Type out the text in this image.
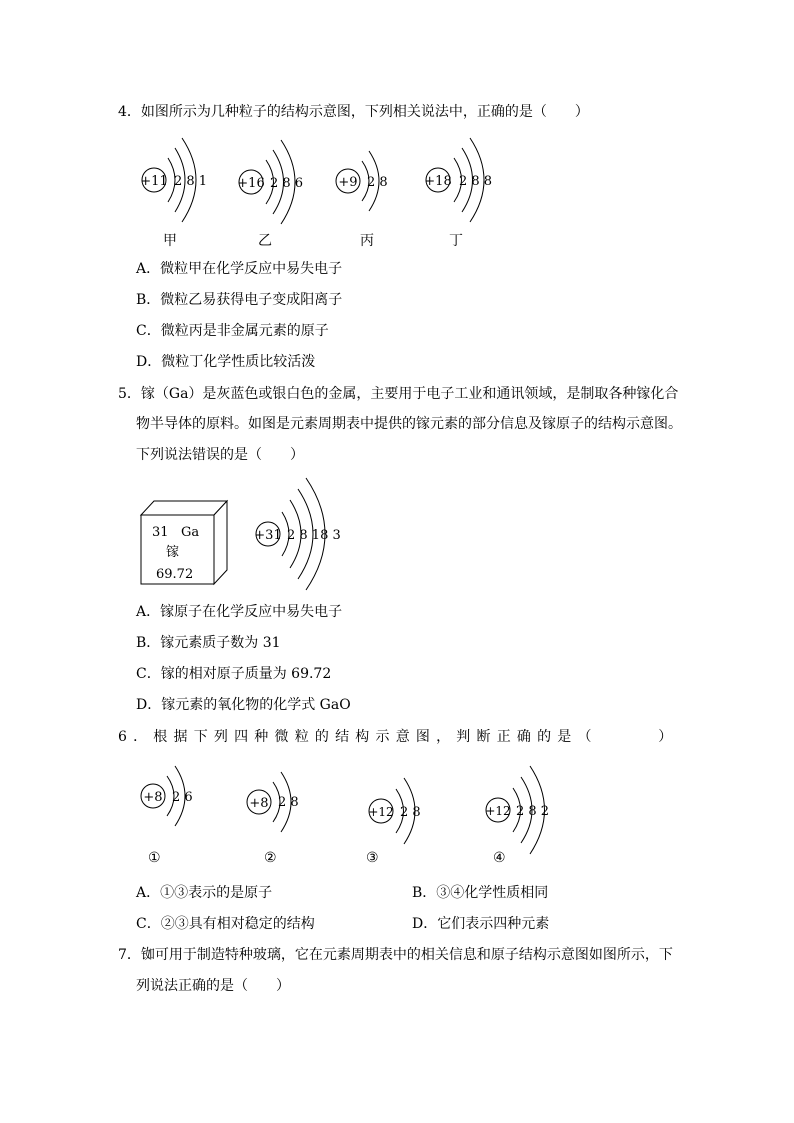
4．如图所示为几种粒子的结构示意图，下列相关说法中，正确的是（　　）
+11 2 8 1 +16 2 8 6	+9 2 8	+18 2 8 8
甲	乙	丙	丁
A．微粒甲在化学反应中易失电子
B．微粒乙易获得电子变成阳离子
C．微粒丙是非金属元素的原子
D．微粒丁化学性质比较活泼
5．镓（Ga）是灰蓝色或银白色的金属，主要用于电子工业和通讯领域，是制取各种镓化合
物半导体的原料。如图是元素周期表中提供的镓元素的部分信息及镓原子的结构示意图。
下列说法错误的是（　　）
31 Ga
镓
69.72
+31 2 8 18 3
A．镓原子在化学反应中易失电子
B．镓元素质子数为 31
C．镓的相对原子质量为 69.72
D．镓元素的氧化物的化学式 GaO
6．根据下列四种微粒的结构示意图，判断正确的是（　　　）
+8 2 6	+8 2 8
+12 2 8	+12 2 8 2
①	②	③	④
A．①③表示的是原子	B．③④化学性质相同
C．②③具有相对稳定的结构	D．它们表示四种元素
7．铷可用于制造特种玻璃，它在元素周期表中的相关信息和原子结构示意图如图所示，下
列说法正确的是（　　）
